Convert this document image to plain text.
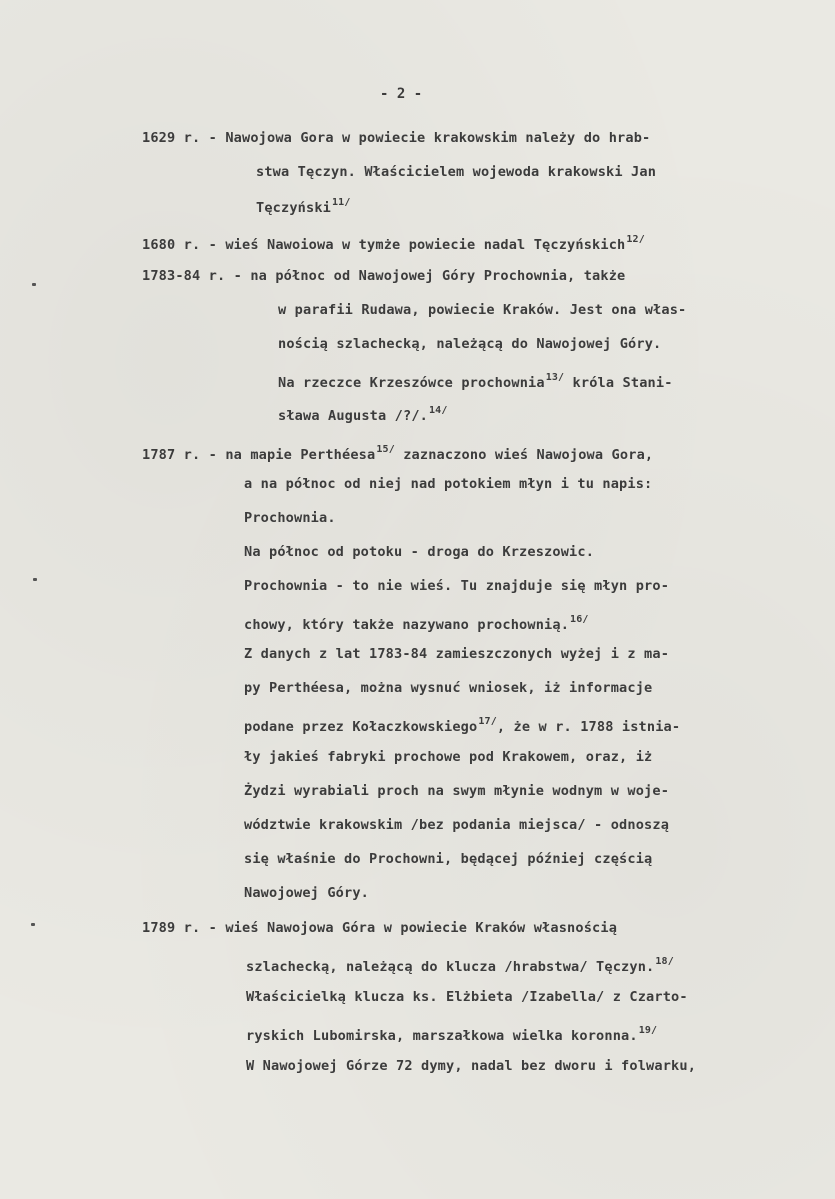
- 2 -
1629 r. - Nawojowa Gora w powiecie krakowskim należy do hrab-
stwa Tęczyn. Właścicielem wojewoda krakowski Jan
Tęczyński$^{11/}$
1680 r. - wieś Nawoiowa w tymże powiecie nadal Tęczyńskich$^{12/}$
1783-84 r. - na północ od Nawojowej Góry Prochownia, także
w parafii Rudawa, powiecie Kraków. Jest ona włas-
nością szlachecką, należącą do Nawojowej Góry.
Na rzeczce Krzeszówce prochownia$^{13/}$ króla Stani-
sława Augusta /?/.$^{14/}$
1787 r. - na mapie Perthéesa$^{15/}$ zaznaczono wieś Nawojowa Gora,
a na północ od niej nad potokiem młyn i tu napis:
Prochownia.
Na północ od potoku - droga do Krzeszowic.
Prochownia - to nie wieś. Tu znajduje się młyn pro-
chowy, który także nazywano prochownią.$^{16/}$
Z danych z lat 1783-84 zamieszczonych wyżej i z ma-
py Perthéesa, można wysnuć wniosek, iż informacje
podane przez Kołaczkowskiego$^{17/}$, że w r. 1788 istnia-
ły jakieś fabryki prochowe pod Krakowem, oraz, iż
Żydzi wyrabiali proch na swym młynie wodnym w woje-
wództwie krakowskim /bez podania miejsca/ - odnoszą
się właśnie do Prochowni, będącej później częścią
Nawojowej Góry.
1789 r. - wieś Nawojowa Góra w powiecie Kraków własnością
szlachecką, należącą do klucza /hrabstwa/ Tęczyn.$^{18/}$
Właścicielką klucza ks. Elżbieta /Izabella/ z Czarto-
ryskich Lubomirska, marszałkowa wielka koronna.$^{19/}$
W Nawojowej Górze 72 dymy, nadal bez dworu i folwarku,
